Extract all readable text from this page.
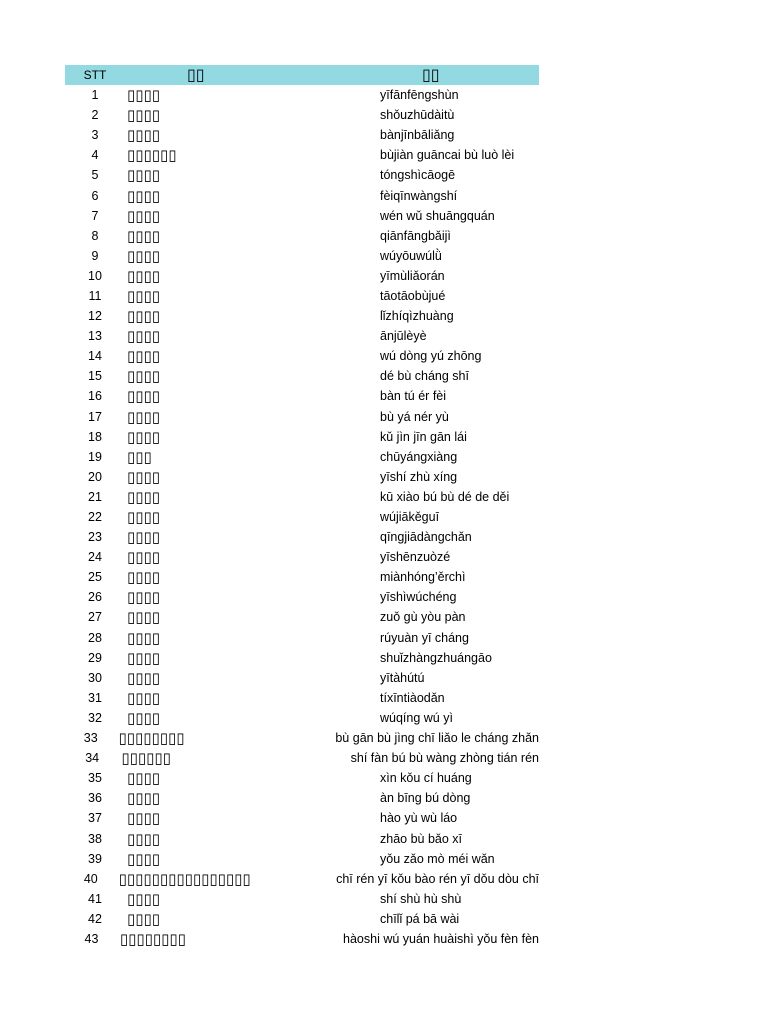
STT	▯▯	▯▯
1	▯▯▯▯	yīfānfēngshùn
2	▯▯▯▯	shǒuzhūdàitù
3	▯▯▯▯	bànjīnbāliǎng
4	▯▯▯▯▯▯	bùjiàn guāncai bù luò lèi
5	▯▯▯▯	tóngshìcāogē
6	▯▯▯▯	fèiqīnwàngshí
7	▯▯▯▯	wén wǔ shuāngquán
8	▯▯▯▯	qiānfāngbǎijì
9	▯▯▯▯	wúyōuwúlǜ
10	▯▯▯▯	yīmùliǎorán
11	▯▯▯▯	tāotāobùjué
12	▯▯▯▯	lǐzhíqìzhuàng
13	▯▯▯▯	ānjūlèyè
14	▯▯▯▯	wú dòng yú zhōng
15	▯▯▯▯	dé bù cháng shī
16	▯▯▯▯	bàn tú ér fèi
17	▯▯▯▯	bù yá nér yù
18	▯▯▯▯	kǔ jìn jīn gān lái
19	▯▯▯	chūyángxiàng
20	▯▯▯▯	yīshí zhù xíng
21	▯▯▯▯	kū xiào bú bù dé de děi
22	▯▯▯▯	wújiākěguī
23	▯▯▯▯	qīngjiādàngchǎn
24	▯▯▯▯	yīshēnzuòzé
25	▯▯▯▯	miànhóng’ěrchì
26	▯▯▯▯	yīshìwúchéng
27	▯▯▯▯	zuǒ gù yòu pàn
28	▯▯▯▯	rúyuàn yī cháng
29	▯▯▯▯	shuǐzhàngzhuángāo
30	▯▯▯▯	yītàhútú
31	▯▯▯▯	tíxīntiàodǎn
32	▯▯▯▯	wúqíng wú yì
33	▯▯▯▯▯▯▯▯	bù gān bù jìng chī liǎo le cháng zhǎn
34	▯▯▯▯▯▯	shí fàn bú bù wàng zhòng tián rén
35	▯▯▯▯	xìn kǒu cí huáng
36	▯▯▯▯	àn bīng bú dòng
37	▯▯▯▯	hào yù wù láo
38	▯▯▯▯	zhāo bù bǎo xī
39	▯▯▯▯	yǒu zǎo mò méi wǎn
40	▯▯▯▯▯▯▯▯▯▯▯▯▯▯▯▯	chī rén yī kǒu bào rén yī dǒu dòu chī
41	▯▯▯▯	shí shù hù shù
42	▯▯▯▯	chīlǐ pá bā wài
43	▯▯▯▯▯▯▯▯	hàoshi wú yuán huàishì yǒu fèn fèn
